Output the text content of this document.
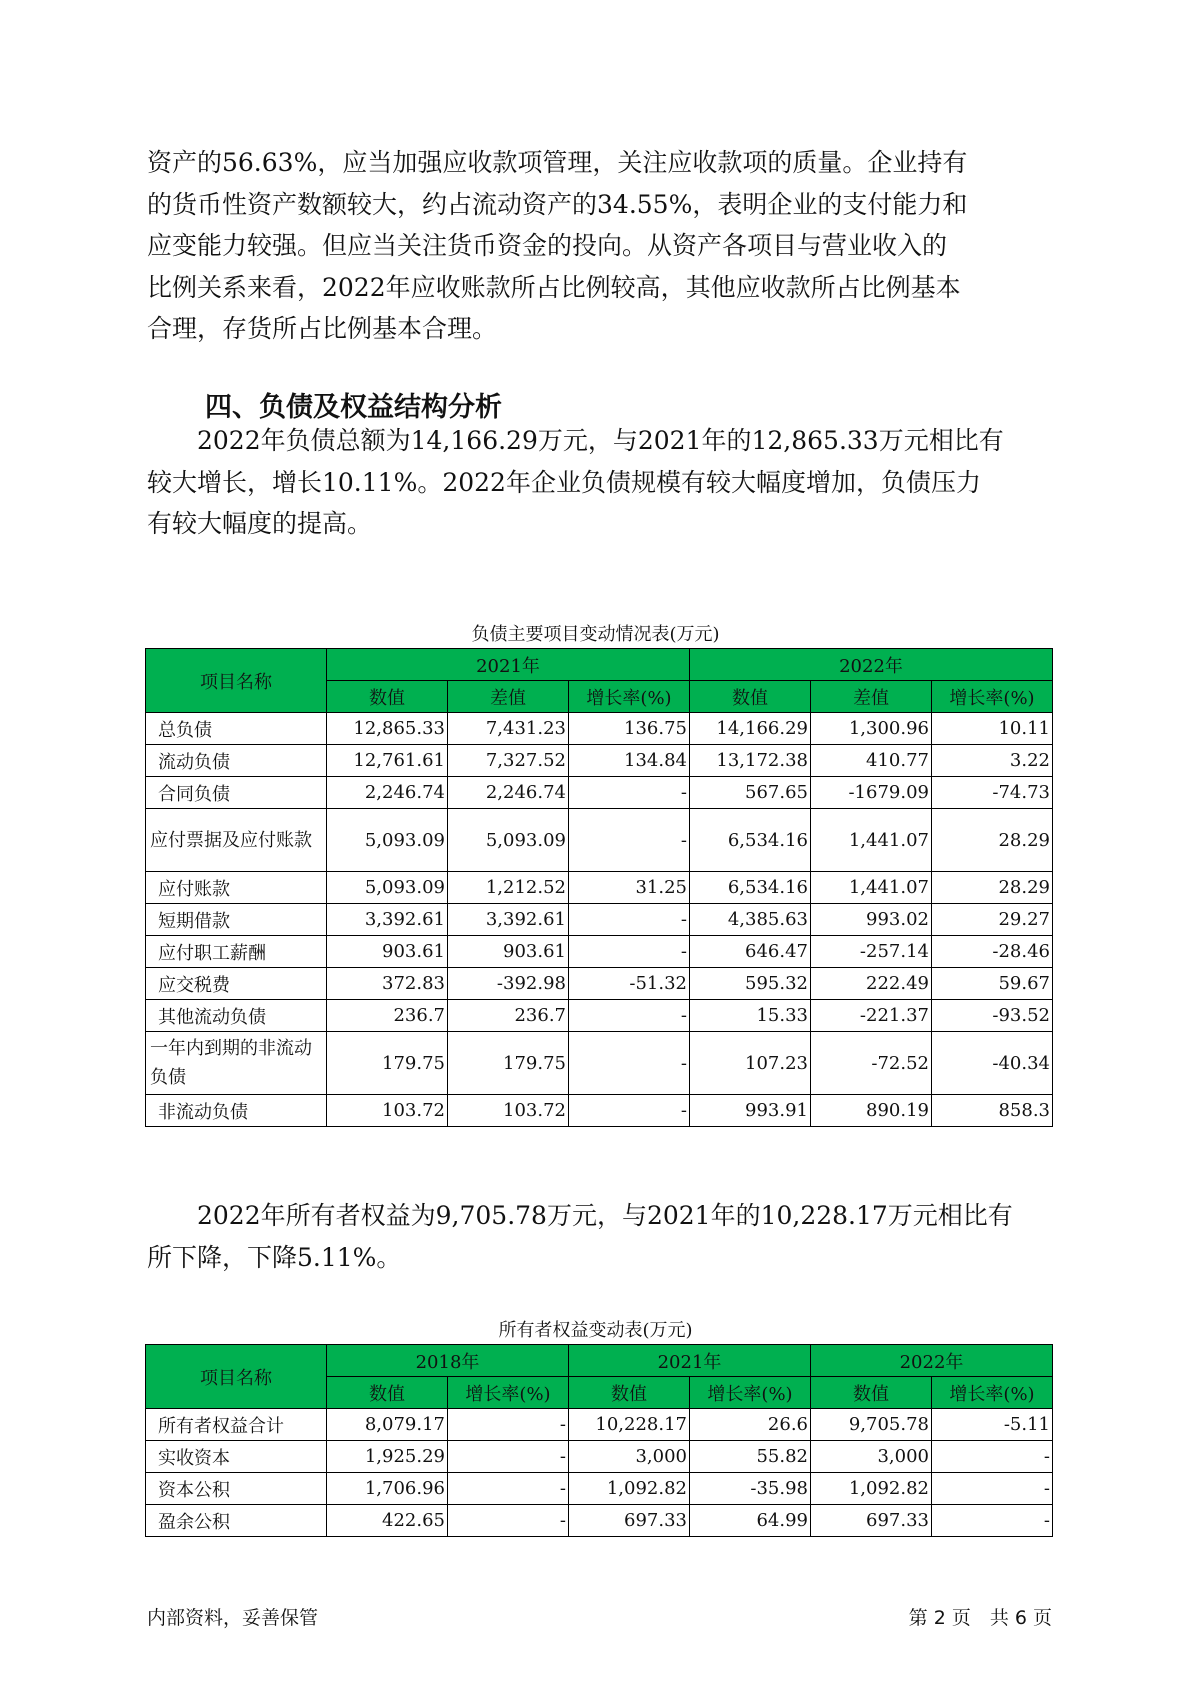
资产的56.63%，应当加强应收款项管理，关注应收款项的质量。企业持有
的货币性资产数额较大，约占流动资产的34.55%，表明企业的支付能力和
应变能力较强。但应当关注货币资金的投向。从资产各项目与营业收入的
比例关系来看，2022年应收账款所占比例较高，其他应收款所占比例基本
合理，存货所占比例基本合理。
四、负债及权益结构分析
　　2022年负债总额为14,166.29万元，与2021年的12,865.33万元相比有
较大增长，增长10.11%。2022年企业负债规模有较大幅度增加，负债压力
有较大幅度的提高。
负债主要项目变动情况表(万元)
项目名称	2021年			2022年		
	数值	差值	增长率(%)	数值	差值	增长率(%)
总负债	12,865.33	7,431.23	136.75	14,166.29	1,300.96	10.11
流动负债	12,761.61	7,327.52	134.84	13,172.38	410.77	3.22
合同负债	2,246.74	2,246.74	-	567.65	-1679.09	-74.73
应付票据及应付账款	5,093.09	5,093.09	-	6,534.16	1,441.07	28.29
应付账款	5,093.09	1,212.52	31.25	6,534.16	1,441.07	28.29
短期借款	3,392.61	3,392.61	-	4,385.63	993.02	29.27
应付职工薪酬	903.61	903.61	-	646.47	-257.14	-28.46
应交税费	372.83	-392.98	-51.32	595.32	222.49	59.67
其他流动负债	236.7	236.7	-	15.33	-221.37	-93.52
一年内到期的非流动负债	179.75	179.75	-	107.23	-72.52	-40.34
非流动负债	103.72	103.72	-	993.91	890.19	858.3
　　2022年所有者权益为9,705.78万元，与2021年的10,228.17万元相比有
所下降，下降5.11%。
所有者权益变动表(万元)
项目名称	2018年		2021年		2022年	
	数值	增长率(%)	数值	增长率(%)	数值	增长率(%)
所有者权益合计	8,079.17	-	10,228.17	26.6	9,705.78	-5.11
实收资本	1,925.29	-	3,000	55.82	3,000	-
资本公积	1,706.96	-	1,092.82	-35.98	1,092.82	-
盈余公积	422.65	-	697.33	64.99	697.33	-
内部资料，妥善保管	第 2 页　共 6 页
